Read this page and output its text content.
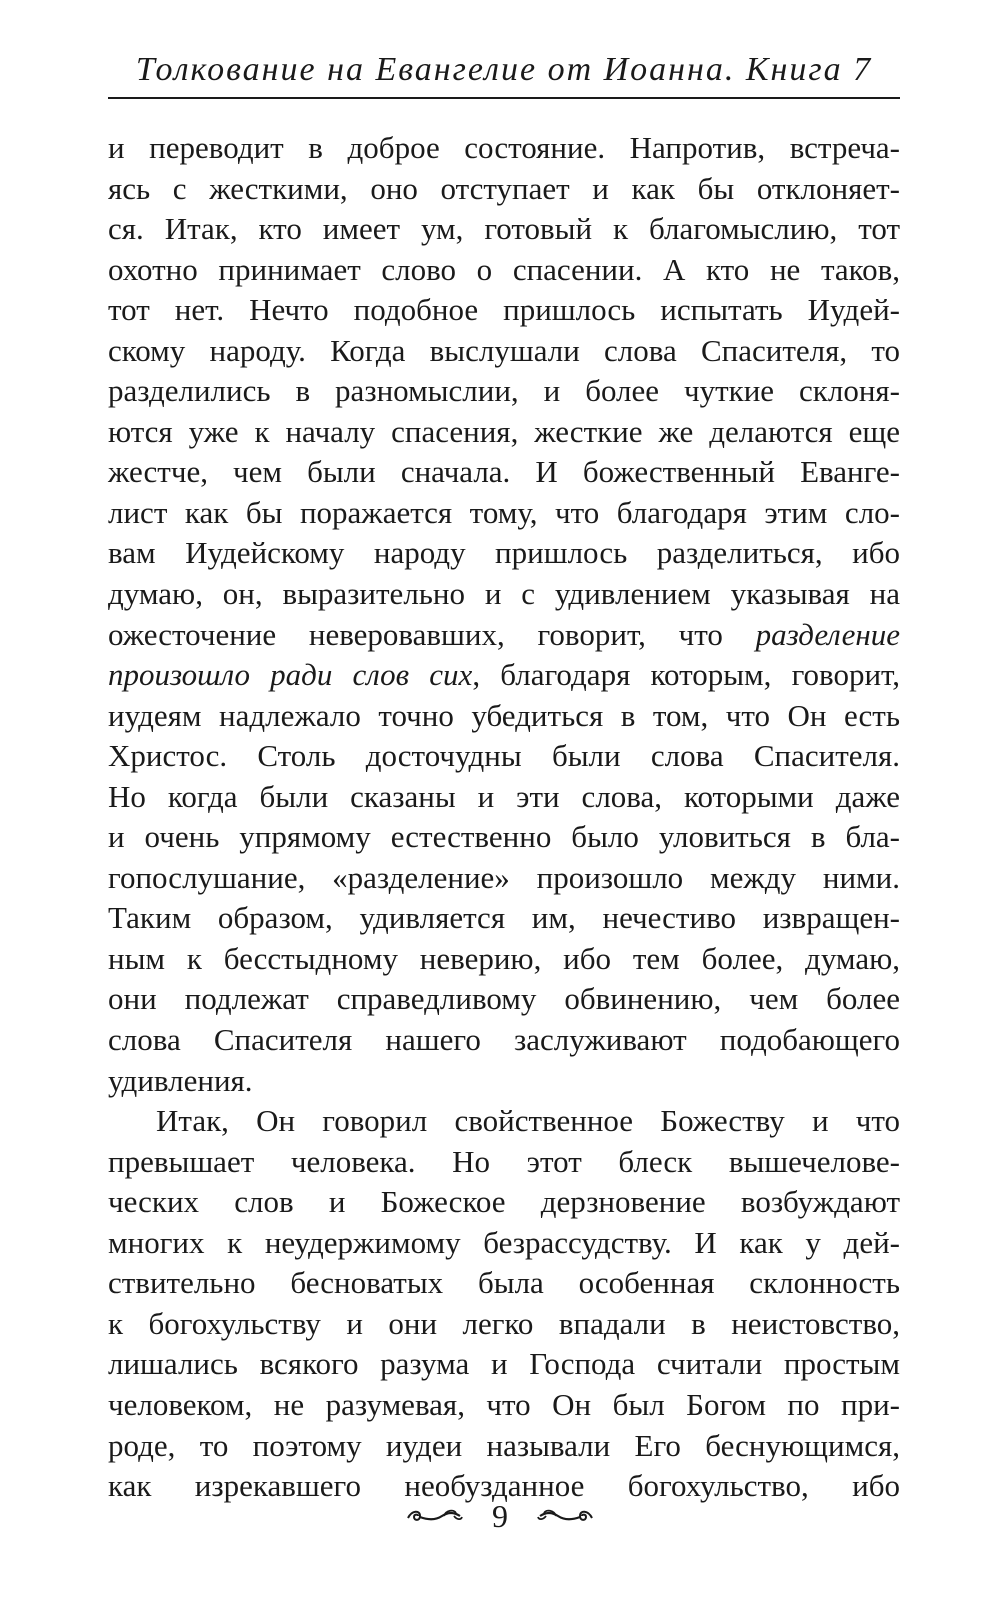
Толкование на Евангелие от Иоанна. Книга 7
и переводит в доброе состояние. Напротив, встреча-
ясь с жесткими, оно отступает и как бы отклоняет-
ся. Итак, кто имеет ум, готовый к благомыслию, тот
охотно принимает слово о спасении. А кто не таков,
тот нет. Нечто подобное пришлось испытать Иудей-
скому народу. Когда выслушали слова Спасителя, то
разделились в разномыслии, и более чуткие склоня-
ются уже к началу спасения, жесткие же делаются еще
жестче, чем были сначала. И божественный Еванге-
лист как бы поражается тому, что благодаря этим сло-
вам Иудейскому народу пришлось разделиться, ибо
думаю, он, выразительно и с удивлением указывая на
ожесточение неверовавших, говорит, что разделение
произошло ради слов сих, благодаря которым, говорит,
иудеям надлежало точно убедиться в том, что Он есть
Христос. Столь досточудны были слова Спасителя.
Но когда были сказаны и эти слова, которыми даже
и очень упрямому естественно было уловиться в бла-
гопослушание, «разделение» произошло между ними.
Таким образом, удивляется им, нечестиво извращен-
ным к бесстыдному неверию, ибо тем более, думаю,
они подлежат справедливому обвинению, чем более
слова Спасителя нашего заслуживают подобающего
удивления.
Итак, Он говорил свойственное Божеству и что
превышает человека. Но этот блеск вышечелове-
ческих слов и Божеское дерзновение возбуждают
многих к неудержимому безрассудству. И как у дей-
ствительно бесноватых была особенная склонность
к богохульству и они легко впадали в неистовство,
лишались всякого разума и Господа считали простым
человеком, не разумевая, что Он был Богом по при-
роде, то поэтому иудеи называли Его беснующимся,
как изрекавшего необузданное богохульство, ибо
9
